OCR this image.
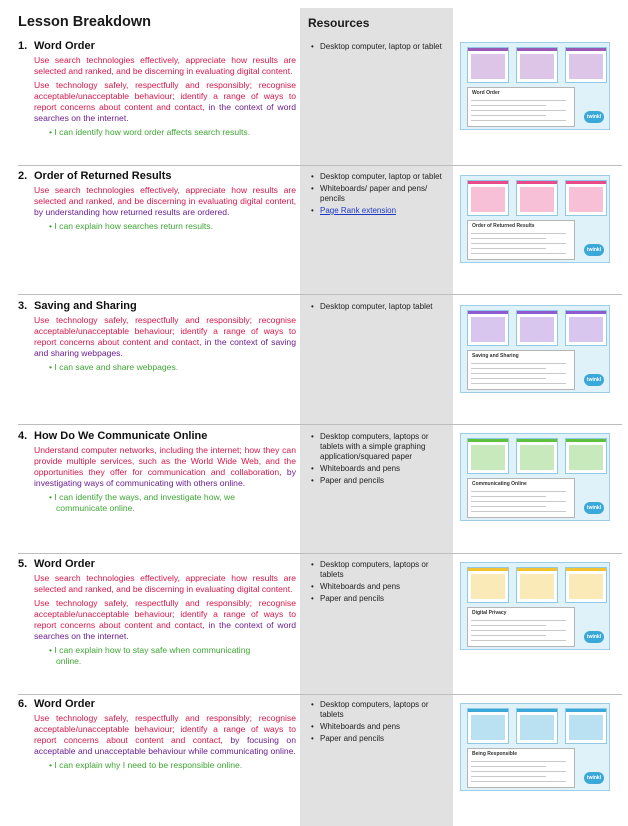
Lesson Breakdown	Resources
1. Word Order
Use search technologies effectively, appreciate how results are selected and ranked, and be discerning in evaluating digital content.
Use technology safely, respectfully and responsibly; recognise acceptable/unacceptable behaviour; identify a range of ways to report concerns about content and contact, in the context of word searches on the internet.
• I can identify how word order affects search results.
• Desktop computer, laptop or tablet
Word Order
twinkl
2. Order of Returned Results
Use search technologies effectively, appreciate how results are selected and ranked, and be discerning in evaluating digital content, by understanding how returned results are ordered.
• I can explain how searches return results.
• Desktop computer, laptop or tablet
• Whiteboards/ paper and pens/ pencils
• Page Rank extension
Order of Returned Results
twinkl
3. Saving and Sharing
Use technology safely, respectfully and responsibly; recognise acceptable/unacceptable behaviour; identify a range of ways to report concerns about content and contact, in the context of saving and sharing webpages.
• I can save and share webpages.
• Desktop computer, laptop tablet
Saving and Sharing
twinkl
4. How Do We Communicate Online
Understand computer networks, including the internet; how they can provide multiple services, such as the World Wide Web, and the opportunities they offer for communication and collaboration, by investigating ways of communicating with others online.
• I can identify the ways, and investigate how, we communicate online.
• Desktop computers, laptops or tablets with a simple graphing application/squared paper
• Whiteboards and pens
• Paper and pencils	Communicating Online
twinkl
5. Word Order
Use search technologies effectively, appreciate how results are selected and ranked, and be discerning in evaluating digital content.
Use technology safely, respectfully and responsibly; recognise acceptable/unacceptable behaviour; identify a range of ways to report concerns about content and contact, in the context of word searches on the internet.
• I can explain how to stay safe when communicating online.
• Desktop computers, laptops or tablets
• Whiteboards and pens
• Paper and pencils
Digital Privacy
twinkl
6. Word Order
Use technology safely, respectfully and responsibly; recognise acceptable/unacceptable behaviour; identify a range of ways to report concerns about content and contact, by focusing on acceptable and unacceptable behaviour while communicating online.
• I can explain why I need to be responsible online.
• Desktop computers, laptops or tablets
• Whiteboards and pens
• Paper and pencils
Being Responsible
twinkl
